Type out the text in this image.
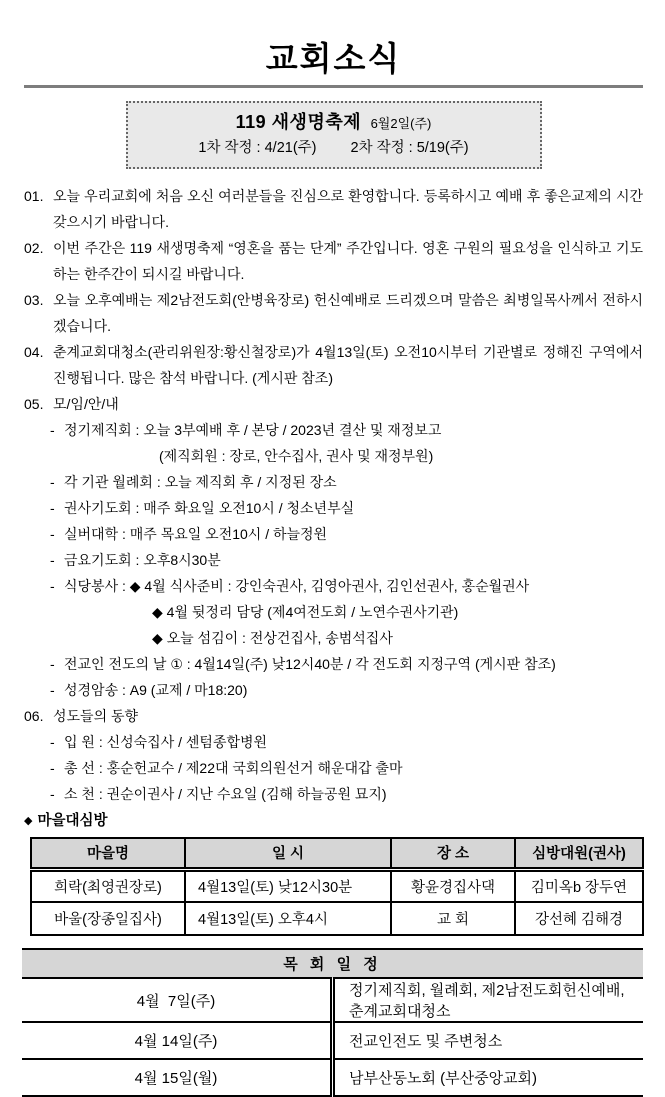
교회소식
119 새생명축제 6월2일(주)
1차 작정 : 4/21(주) 2차 작정 : 5/19(주)
01. 오늘 우리교회에 처음 오신 여러분들을 진심으로 환영합니다. 등록하시고 예배 후 좋은교제의 시간 갖으시기 바랍니다.
02. 이번 주간은 119 새생명축제 “영혼을 품는 단계” 주간입니다. 영혼 구원의 필요성을 인식하고 기도하는 한주간이 되시길 바랍니다.
03. 오늘 오후예배는 제2남전도회(안병육장로) 헌신예배로 드리겠으며 말씀은 최병일목사께서 전하시겠습니다.
04. 춘계교회대청소(관리위원장:황신철장로)가 4월13일(토) 오전10시부터 기관별로 정해진 구역에서 진행됩니다. 많은 참석 바랍니다. (게시판 참조)
05. 모/임/안/내
- 정기제직회 : 오늘 3부예배 후 / 본당 / 2023년 결산 및 재정보고
(제직회원 : 장로, 안수집사, 권사 및 재정부원)
- 각 기관 월례회 : 오늘 제직회 후 / 지정된 장소
- 권사기도회 : 매주 화요일 오전10시 / 청소년부실
- 실버대학 : 매주 목요일 오전10시 / 하늘정원
- 금요기도회 : 오후8시30분
- 식당봉사 : ◆ 4월 식사준비 : 강인숙권사, 김영아권사, 김인선권사, 홍순월권사
◆ 4월 뒷정리 담당 (제4여전도회 / 노연수권사기관)
◆ 오늘 섬김이 : 전상건집사, 송범석집사
- 전교인 전도의 날 ① : 4월14일(주) 낮12시40분 / 각 전도회 지정구역 (게시판 참조)
- 성경암송 : A9 (교제 / 마18:20)
06. 성도들의 동향
- 입 원 : 신성숙집사 / 센텀종합병원
- 총 선 : 홍순헌교수 / 제22대 국회의원선거 해운대갑 출마
- 소 천 : 권순이권사 / 지난 수요일 (김해 하늘공원 묘지)
◆ 마을대심방
마을명	일 시	장 소	심방대원(권사)
희락(최영권장로)	4월13일(토) 낮12시30분	황윤경집사댁	김미옥b 장두연
바울(장종일집사)	4월13일(토) 오후4시	교 회	강선혜 김해경
목 회 일 정	
4월  7일(주)	정기제직회, 월례회, 제2남전도회헌신예배, 춘계교회대청소
4월 14일(주)	전교인전도 및 주변청소
4월 15일(월)	남부산동노회 (부산중앙교회)
